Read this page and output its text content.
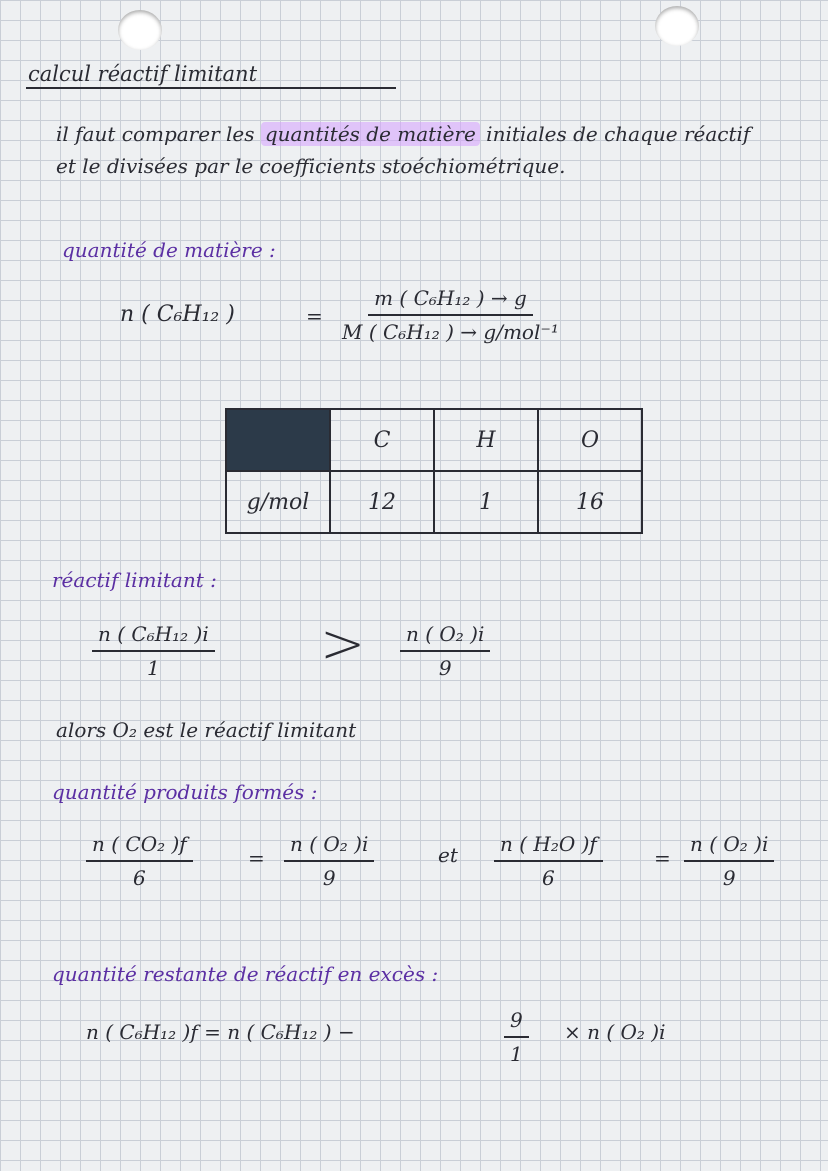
calcul réactif limitant
il faut comparer les quantités de matière initiales de chaque réactif et le divisées par le coefficients stoéchiométrique.
quantité de matière :
n ( C₆H₁₂ )	=
m ( C₆H₁₂ ) → g
M ( C₆H₁₂ ) → g/mol⁻¹
	C	H	O
g/mol	12	1	16
réactif limitant :
$\frac{\text{n ( C₆H₁₂ )i}}{1} > \frac{\text{n ( O₂ )i}}{9}$
alors O₂ est le réactif limitant
quantité produits formés :
$\frac{\text{n ( CO₂ )f}}{6}$	= $\frac{\text{n ( O₂ )i}}{9}$	et $\frac{\text{n ( H₂O )f}}{6}$	= $\frac{\text{n ( O₂ )i}}{9}$
quantité restante de réactif en excès :
n ( C₆H₁₂ )f = n ( C₆H₁₂ ) −	$\frac{9}{1} \times n$ ( O₂ )i
